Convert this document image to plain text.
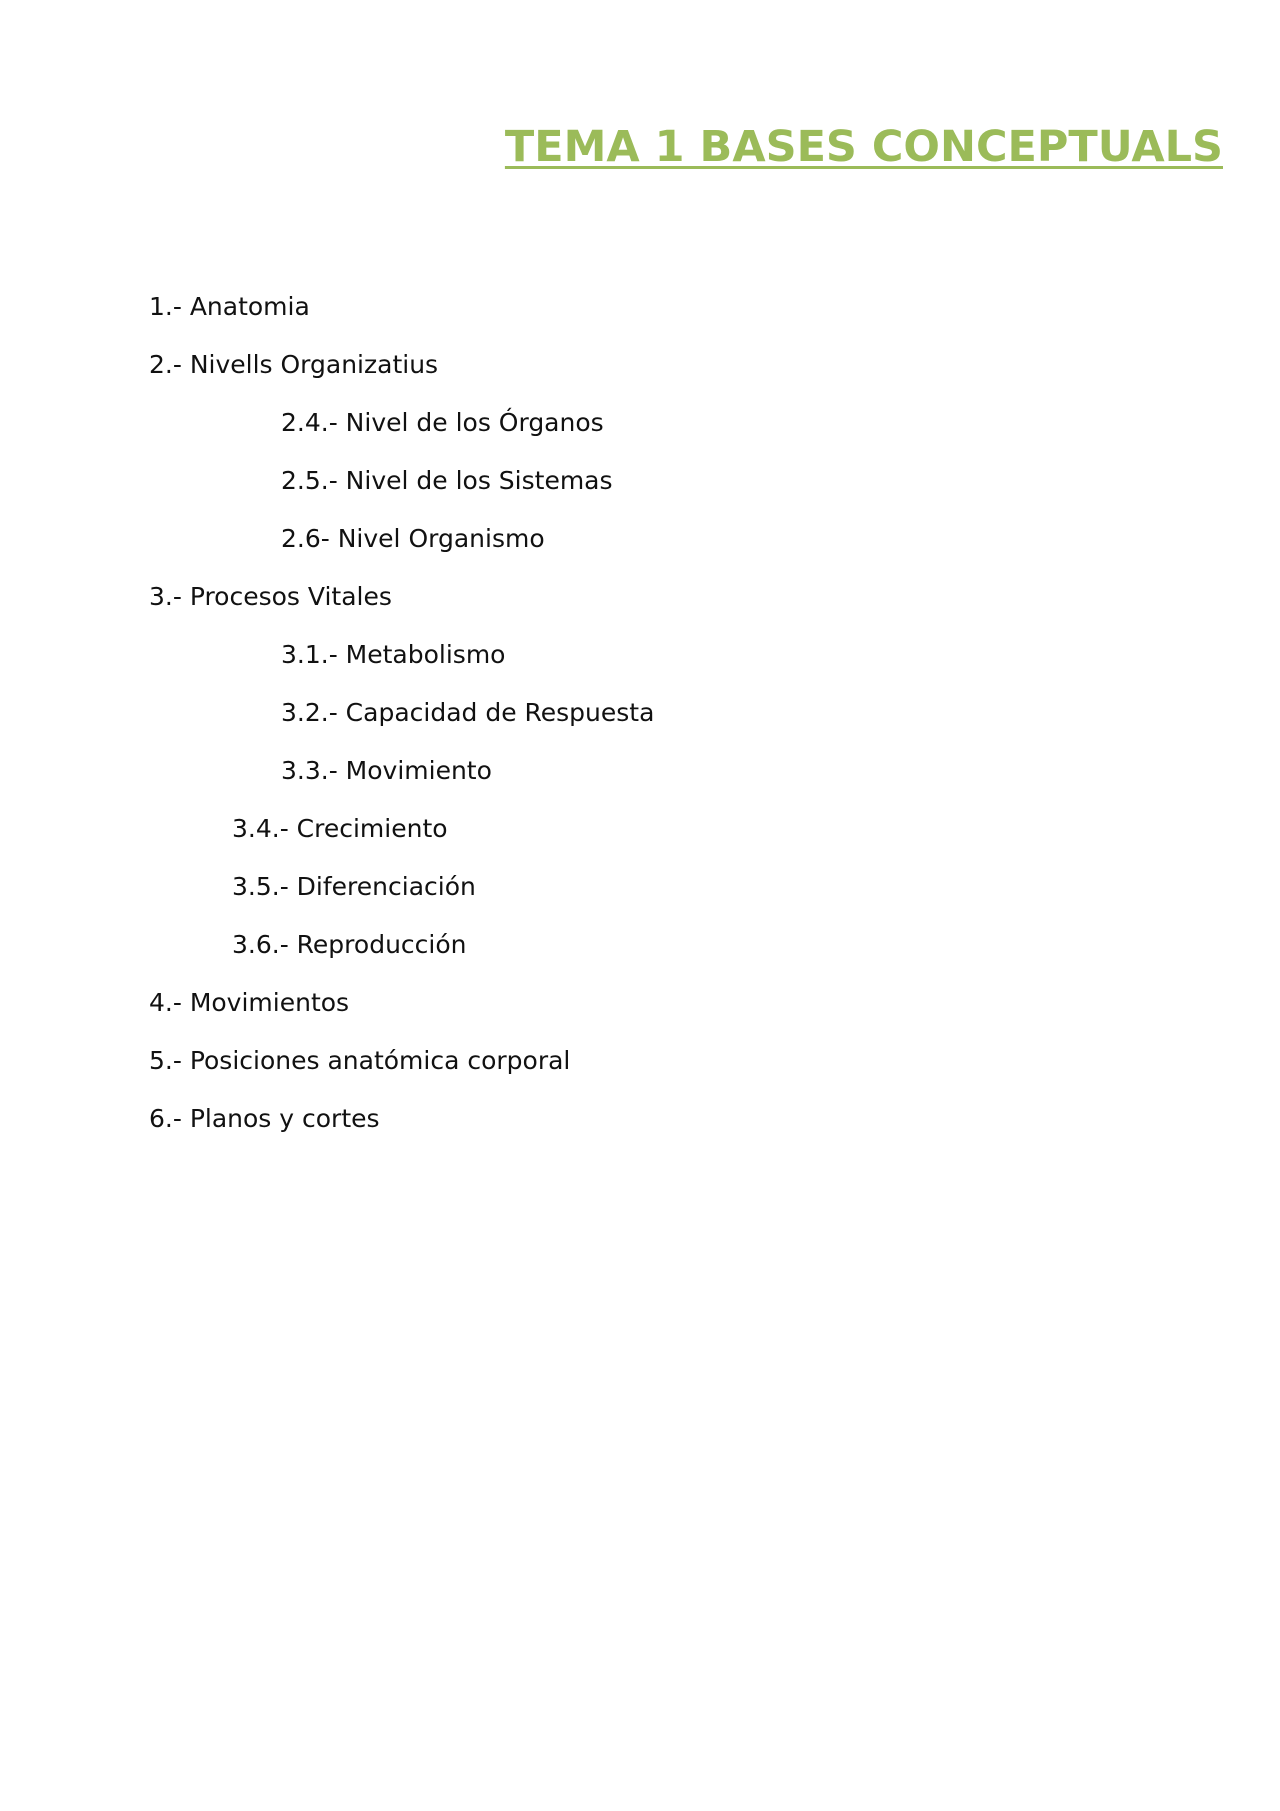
TEMA 1 BASES CONCEPTUALS
1.- Anatomia
2.- Nivells Organizatius
2.4.- Nivel de los Órganos
2.5.- Nivel de los Sistemas
2.6- Nivel Organismo
3.- Procesos Vitales
3.1.- Metabolismo
3.2.- Capacidad de Respuesta
3.3.- Movimiento
3.4.- Crecimiento
3.5.- Diferenciación
3.6.- Reproducción
4.- Movimientos
5.- Posiciones anatómica corporal
6.- Planos y cortes
